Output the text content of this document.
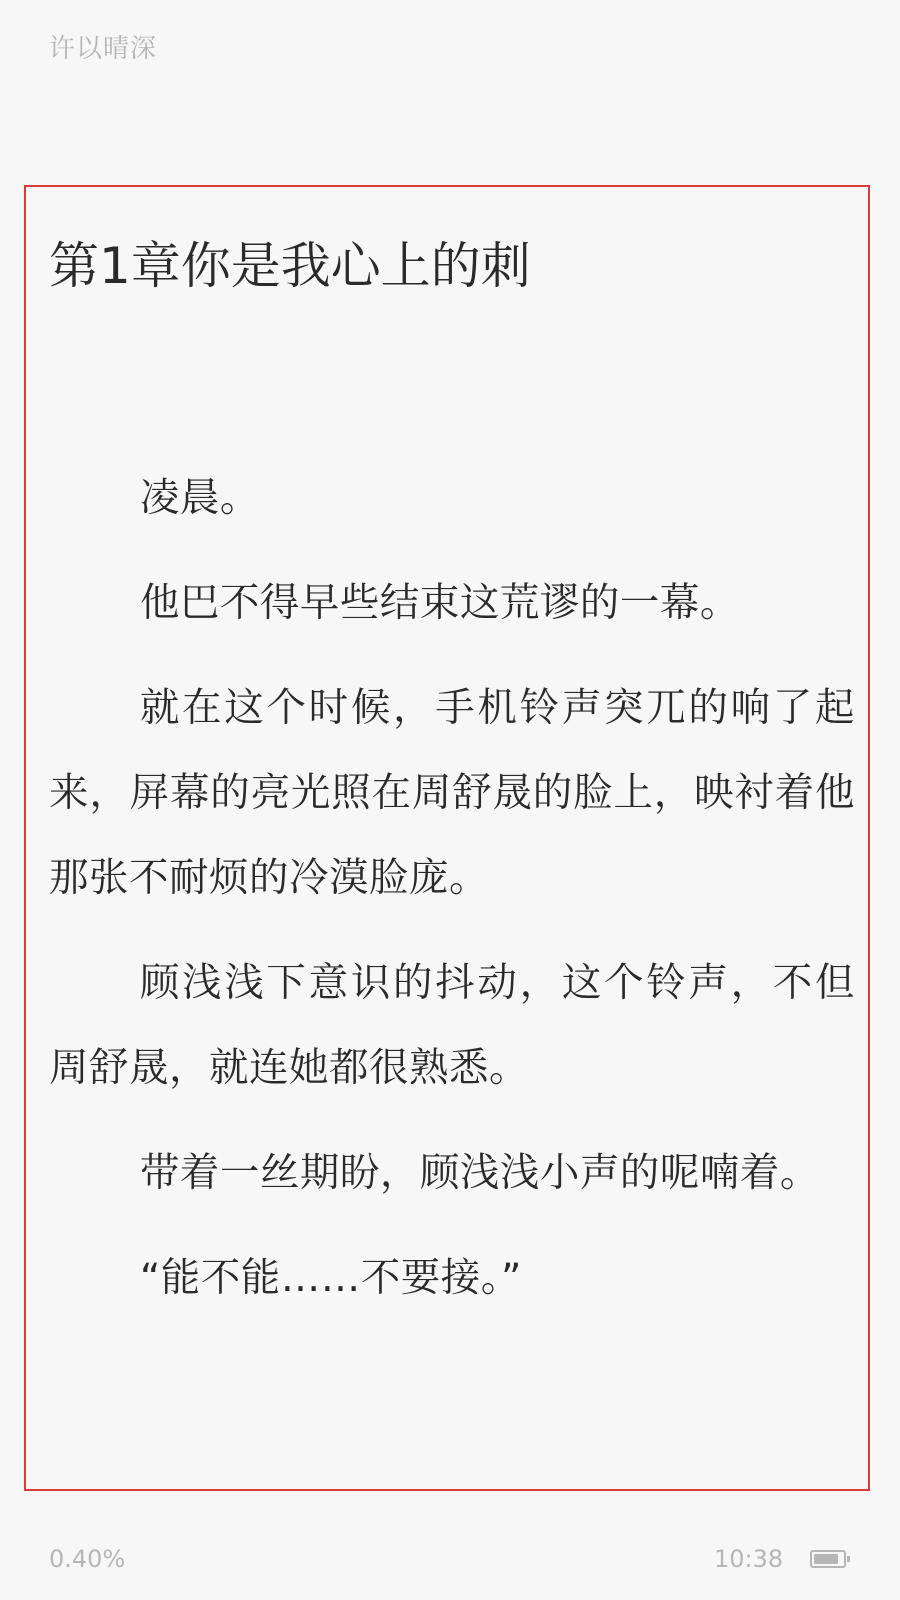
许以晴深
第1章你是我心上的刺

凌晨。

他巴不得早些结束这荒谬的一幕。

就在这个时候，手机铃声突兀的响了起来，屏幕的亮光照在周舒晟的脸上，映衬着他那张不耐烦的冷漠脸庞。

顾浅浅下意识的抖动，这个铃声，不但周舒晟，就连她都很熟悉。

带着一丝期盼，顾浅浅小声的呢喃着。

“能不能……不要接。”

0.40%	10:38
